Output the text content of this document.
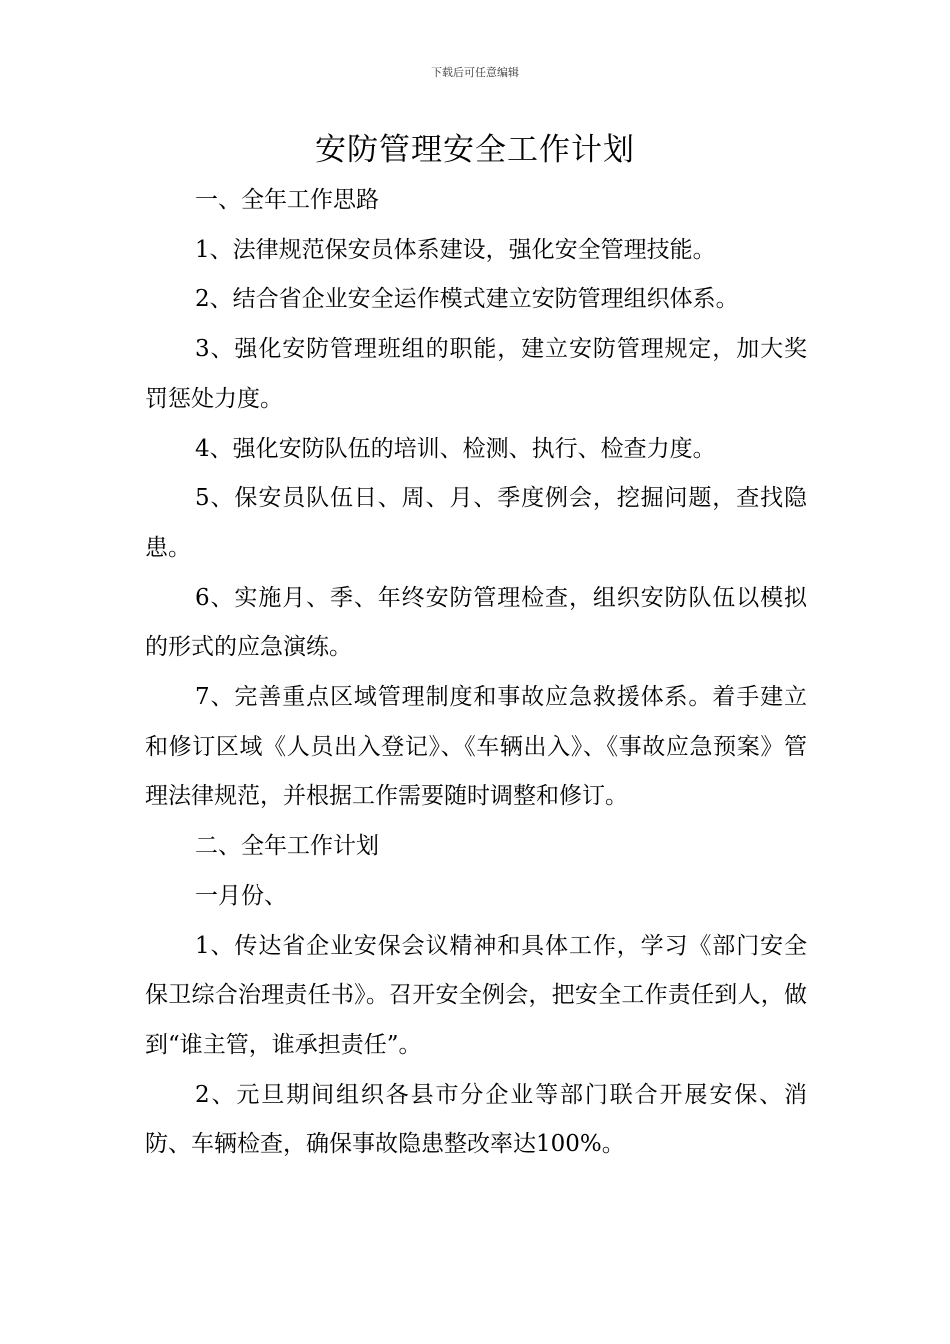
下载后可任意编辑
安防管理安全工作计划

一、全年工作思路

1、法律规范保安员体系建设，强化安全管理技能。

2、结合省企业安全运作模式建立安防管理组织体系。

3、强化安防管理班组的职能，建立安防管理规定，加大奖罚惩处力度。

4、强化安防队伍的培训、检测、执行、检查力度。

5、保安员队伍日、周、月、季度例会，挖掘问题，查找隐患。

6、实施月、季、年终安防管理检查，组织安防队伍以模拟的形式的应急演练。

7、完善重点区域管理制度和事故应急救援体系。着手建立和修订区域《人员出入登记》、《车辆出入》、《事故应急预案》管理法律规范，并根据工作需要随时调整和修订。

二、全年工作计划

一月份、

1、传达省企业安保会议精神和具体工作，学习《部门安全保卫综合治理责任书》。召开安全例会，把安全工作责任到人，做到“谁主管，谁承担责任”。

2、元旦期间组织各县市分企业等部门联合开展安保、消防、车辆检查，确保事故隐患整改率达100%。
